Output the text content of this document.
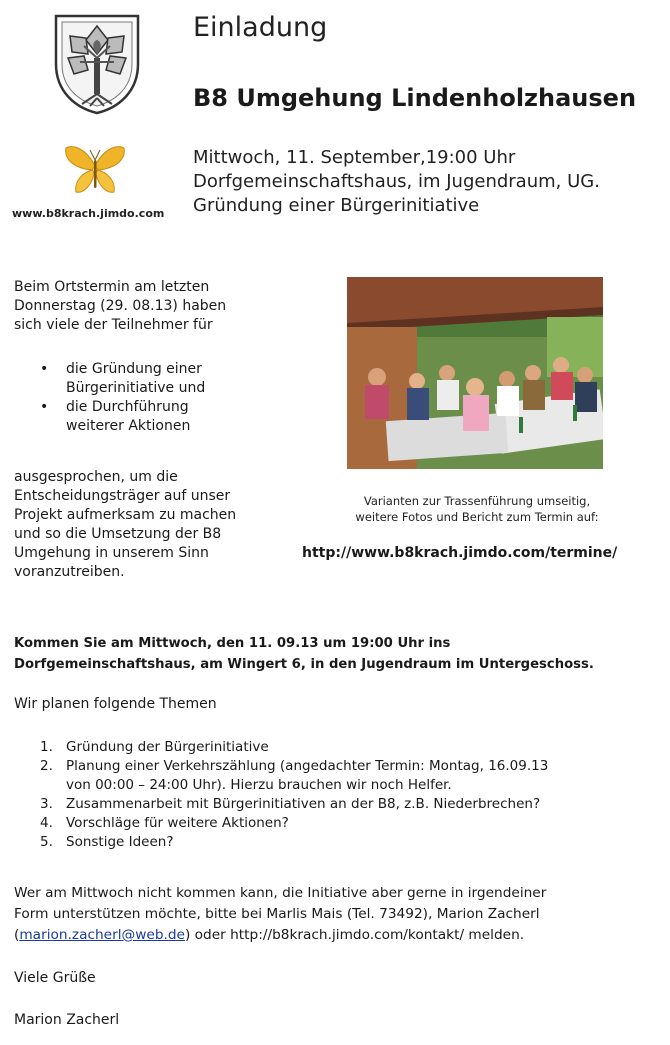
www.b8krach.jimdo.com
Einladung
B8 Umgehung Lindenholzhausen
Mittwoch, 11. September,19:00 Uhr
Dorfgemeinschaftshaus, im Jugendraum, UG.
Gründung einer Bürgerinitiative
Beim Ortstermin am letzten
Donnerstag (29. 08.13) haben
sich viele der Teilnehmer für
• die Gründung einer
Bürgerinitiative und
• die Durchführung
weiterer Aktionen
ausgesprochen, um die
Entscheidungsträger auf unser
Projekt aufmerksam zu machen
und so die Umsetzung der B8
Umgehung in unserem Sinn
voranzutreiben.
Varianten zur Trassenführung umseitig,
weitere Fotos und Bericht zum Termin auf:
http://www.b8krach.jimdo.com/termine/
Kommen Sie am Mittwoch, den 11. 09.13 um 19:00 Uhr ins
Dorfgemeinschaftshaus, am Wingert 6, in den Jugendraum im Untergeschoss.
Wir planen folgende Themen
1. Gründung der Bürgerinitiative
2. Planung einer Verkehrszählung (angedachter Termin: Montag, 16.09.13
von 00:00 – 24:00 Uhr). Hierzu brauchen wir noch Helfer.
3. Zusammenarbeit mit Bürgerinitiativen an der B8, z.B. Niederbrechen?
4. Vorschläge für weitere Aktionen?
5. Sonstige Ideen?
Wer am Mittwoch nicht kommen kann, die Initiative aber gerne in irgendeiner
Form unterstützen möchte, bitte bei Marlis Mais (Tel. 73492), Marion Zacherl
(marion.zacherl@web.de) oder http://b8krach.jimdo.com/kontakt/ melden.
Viele Grüße
Marion Zacherl
